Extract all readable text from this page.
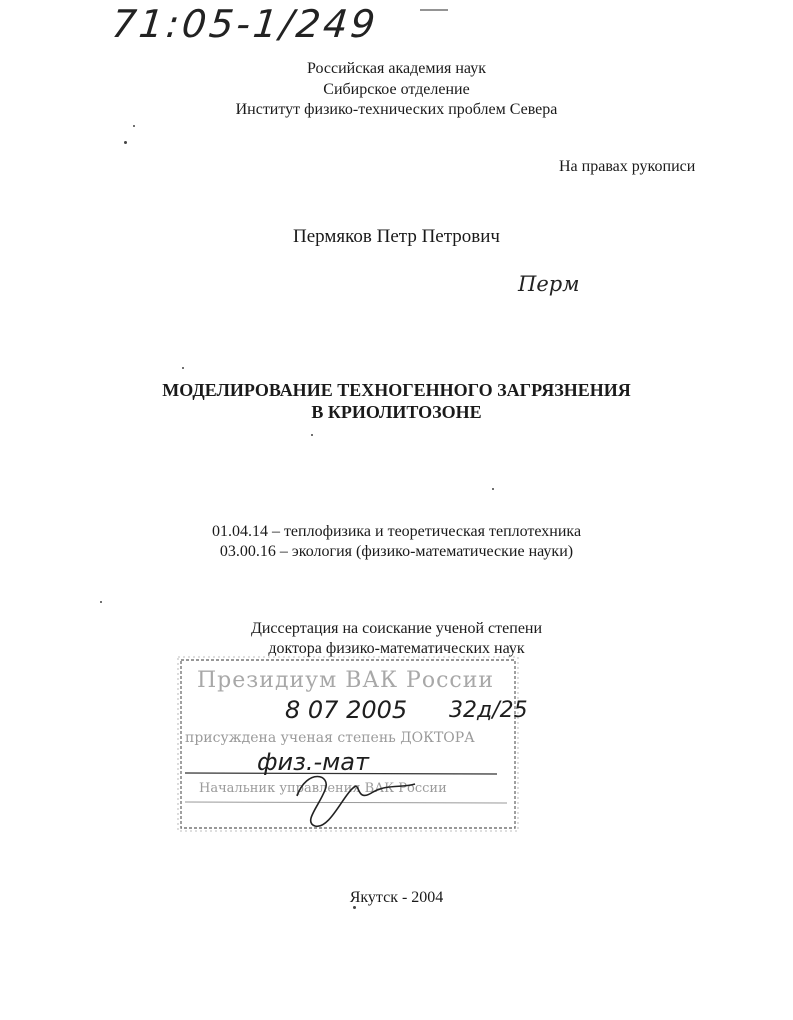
71:05-1/249
Российская академия наук
Сибирское отделение
Институт физико-технических проблем Севера
На правах рукописи
Пермяков Петр Петрович
Перм
МОДЕЛИРОВАНИЕ ТЕХНОГЕННОГО ЗАГРЯЗНЕНИЯ
В КРИОЛИТОЗОНЕ
01.04.14 – теплофизика и теоретическая теплотехника
03.00.16 – экология (физико-математические науки)
Диссертация на соискание ученой степени
доктора физико-математических наук
Президиум ВАК России
присуждена ученая степень ДОКТОРА
Начальник управления ВАК России
8 07 2005 32д/25
физ.-мат
Якутск - 2004
